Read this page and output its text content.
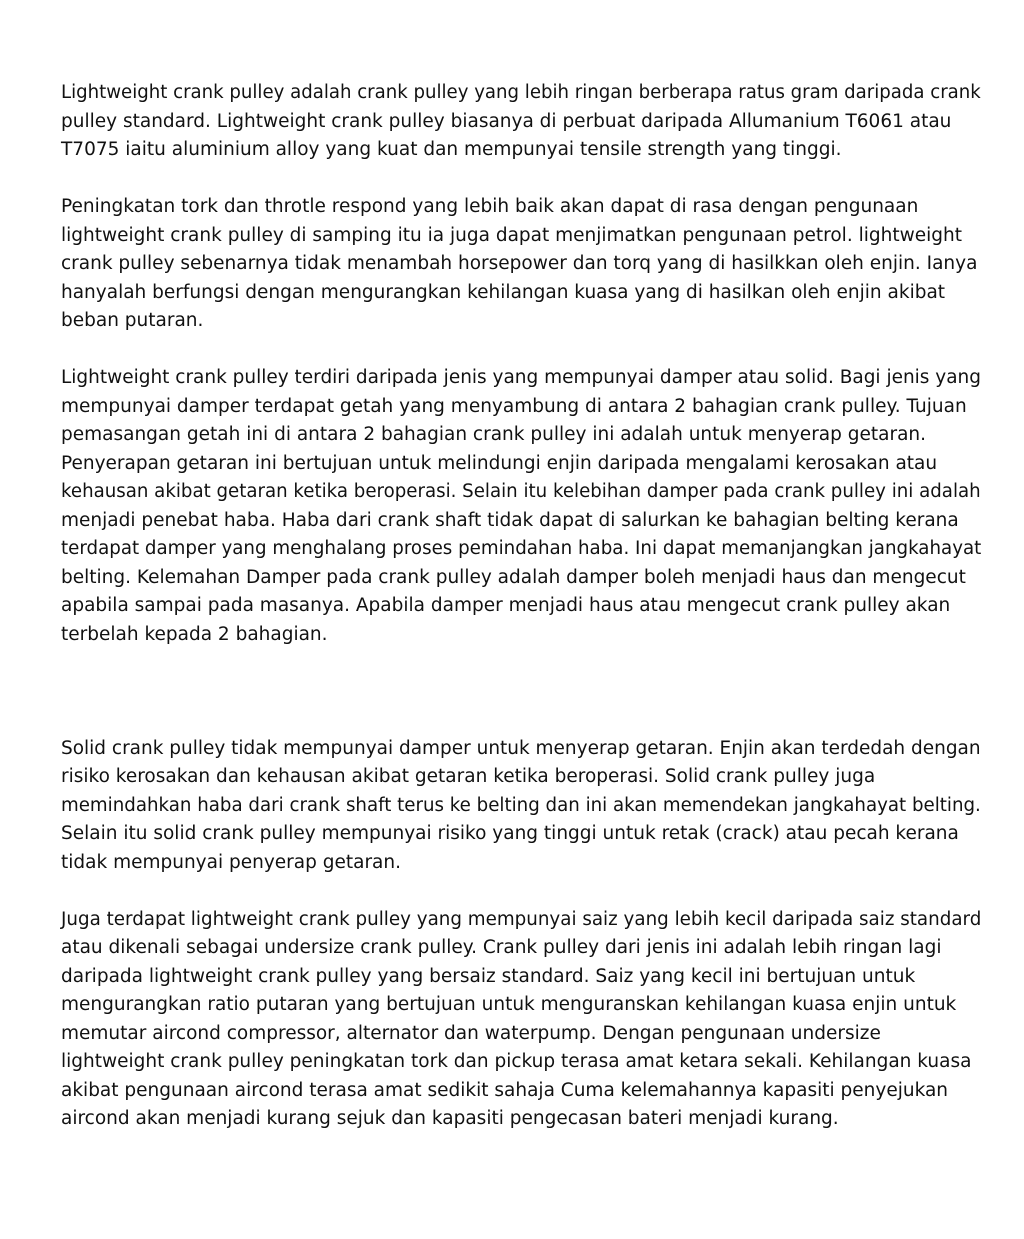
Lightweight crank pulley adalah crank pulley yang lebih ringan berberapa ratus gram daripada crank
pulley standard. Lightweight crank pulley biasanya di perbuat daripada Allumanium T6061 atau
T7075 iaitu aluminium alloy yang kuat dan mempunyai tensile strength yang tinggi.

Peningkatan tork dan throtle respond yang lebih baik akan dapat di rasa dengan pengunaan
lightweight crank pulley di samping itu ia juga dapat menjimatkan pengunaan petrol. lightweight
crank pulley sebenarnya tidak menambah horsepower dan torq yang di hasilkkan oleh enjin. Ianya
hanyalah berfungsi dengan mengurangkan kehilangan kuasa yang di hasilkan oleh enjin akibat
beban putaran.

Lightweight crank pulley terdiri daripada jenis yang mempunyai damper atau solid. Bagi jenis yang
mempunyai damper terdapat getah yang menyambung di antara 2 bahagian crank pulley. Tujuan
pemasangan getah ini di antara 2 bahagian crank pulley ini adalah untuk menyerap getaran.
Penyerapan getaran ini bertujuan untuk melindungi enjin daripada mengalami kerosakan atau
kehausan akibat getaran ketika beroperasi. Selain itu kelebihan damper pada crank pulley ini adalah
menjadi penebat haba. Haba dari crank shaft tidak dapat di salurkan ke bahagian belting kerana
terdapat damper yang menghalang proses pemindahan haba. Ini dapat memanjangkan jangkahayat
belting. Kelemahan Damper pada crank pulley adalah damper boleh menjadi haus dan mengecut
apabila sampai pada masanya. Apabila damper menjadi haus atau mengecut crank pulley akan
terbelah kepada 2 bahagian.

Solid crank pulley tidak mempunyai damper untuk menyerap getaran. Enjin akan terdedah dengan
risiko kerosakan dan kehausan akibat getaran ketika beroperasi. Solid crank pulley juga
memindahkan haba dari crank shaft terus ke belting dan ini akan memendekan jangkahayat belting.
Selain itu solid crank pulley mempunyai risiko yang tinggi untuk retak (crack) atau pecah kerana
tidak mempunyai penyerap getaran.

Juga terdapat lightweight crank pulley yang mempunyai saiz yang lebih kecil daripada saiz standard
atau dikenali sebagai undersize crank pulley. Crank pulley dari jenis ini adalah lebih ringan lagi
daripada lightweight crank pulley yang bersaiz standard. Saiz yang kecil ini bertujuan untuk
mengurangkan ratio putaran yang bertujuan untuk menguranskan kehilangan kuasa enjin untuk
memutar aircond compressor, alternator dan waterpump. Dengan pengunaan undersize
lightweight crank pulley peningkatan tork dan pickup terasa amat ketara sekali. Kehilangan kuasa
akibat pengunaan aircond terasa amat sedikit sahaja Cuma kelemahannya kapasiti penyejukan
aircond akan menjadi kurang sejuk dan kapasiti pengecasan bateri menjadi kurang.
